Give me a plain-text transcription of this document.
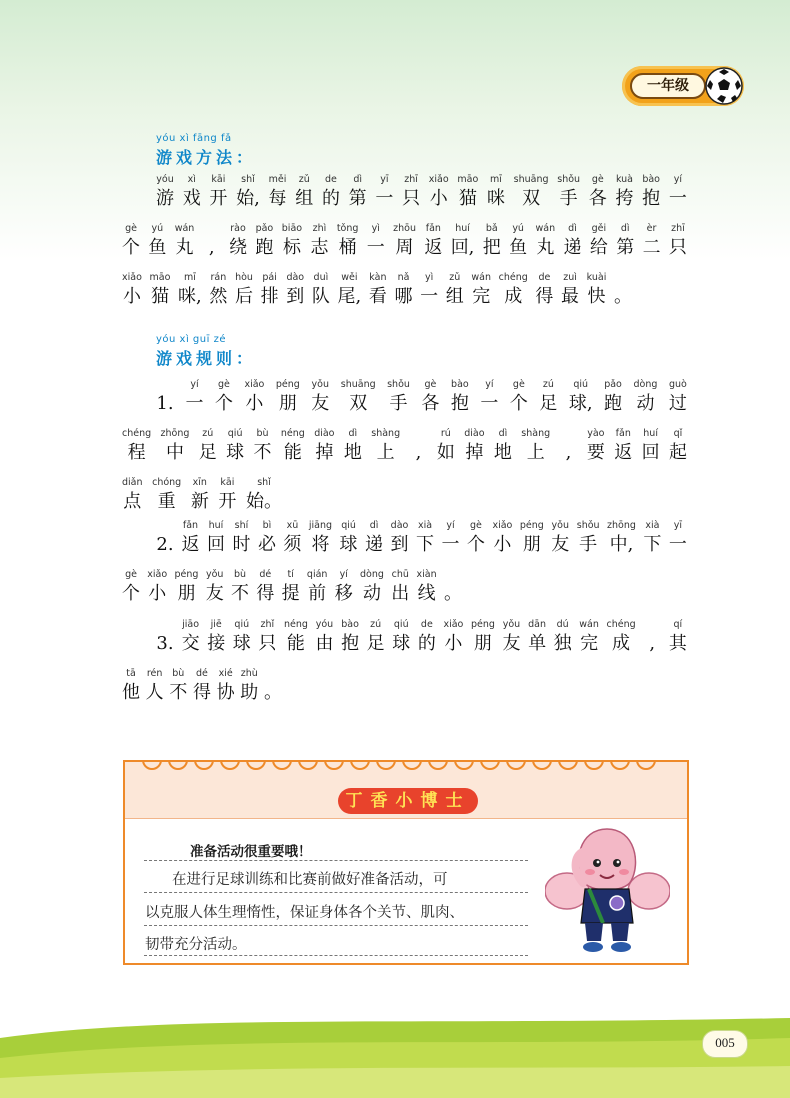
一年级
yóu xì fāng fǎ
游戏方法：
yóu xì guī zé
游戏规则：
yóu
游
xì
戏
kāi
开
shǐ
始,
měi
每
zǔ
组
de
的
dì
第
yī
一
zhī
只
xiǎo
小
māo
猫
mī
咪
shuāng
双
shǒu
手
gè
各
kuà
挎
bào
抱
yí
一
gè
个
yú
鱼
wán
丸 ,
rào
绕
pǎo
跑
biāo
标
zhì
志
tǒng
桶
yì
一
zhōu
周
fǎn
返
huí
回,
bǎ
把
yú
鱼
wán
丸
dì
递
gěi
给
dì
第
èr
二
zhī
只
xiǎo
小
māo
猫
mī
咪,
rán
然
hòu
后
pái
排
dào
到
duì
队
wěi
尾,
kàn
看
nǎ
哪
yì
一
zǔ
组
wán
完
chéng
成
de
得
zuì
最
kuài
快 。
1.
yí
一
gè
个
xiǎo
小
péng
朋
yǒu
友
shuāng
双
shǒu
手
gè
各
bào
抱
yí
一
gè
个
zú
足
qiú
球,
pǎo
跑
dòng
动
guò
过
chéng
程
zhōng
中
zú
足
qiú
球
bù
不
néng
能
diào
掉
dì
地
shàng
上 ,
rú
如
diào
掉
dì
地
shàng
上 ,
yào
要
fǎn
返
huí
回
qǐ
起
diǎn
点
chóng
重
xīn
新
kāi
开
shǐ
始。
2.
fǎn
返
huí
回
shí
时
bì
必
xū
须
jiāng
将
qiú
球
dì
递
dào
到
xià
下
yí
一
gè
个
xiǎo
小
péng
朋
yǒu
友
shǒu
手
zhōng
中,
xià
下
yī
一
gè
个
xiǎo
小
péng
朋
yǒu
友
bù
不
dé
得
tí
提
qián
前
yí
移
dòng
动
chū
出
xiàn
线 。
3.
jiāo
交
jiē
接
qiú
球
zhǐ
只
néng
能
yóu
由
bào
抱
zú
足
qiú
球
de
的
xiǎo
小
péng
朋
yǒu
友
dān
单
dú
独
wán
完
chéng
成 ,
qí
其
tā
他
rén
人
bù
不
dé
得
xié
协
zhù
助 。
丁香小博士
准备活动很重要哦！
在进行足球训练和比赛前做好准备活动，可
以克服人体生理惰性，保证身体各个关节、肌肉、
韧带充分活动。
005
